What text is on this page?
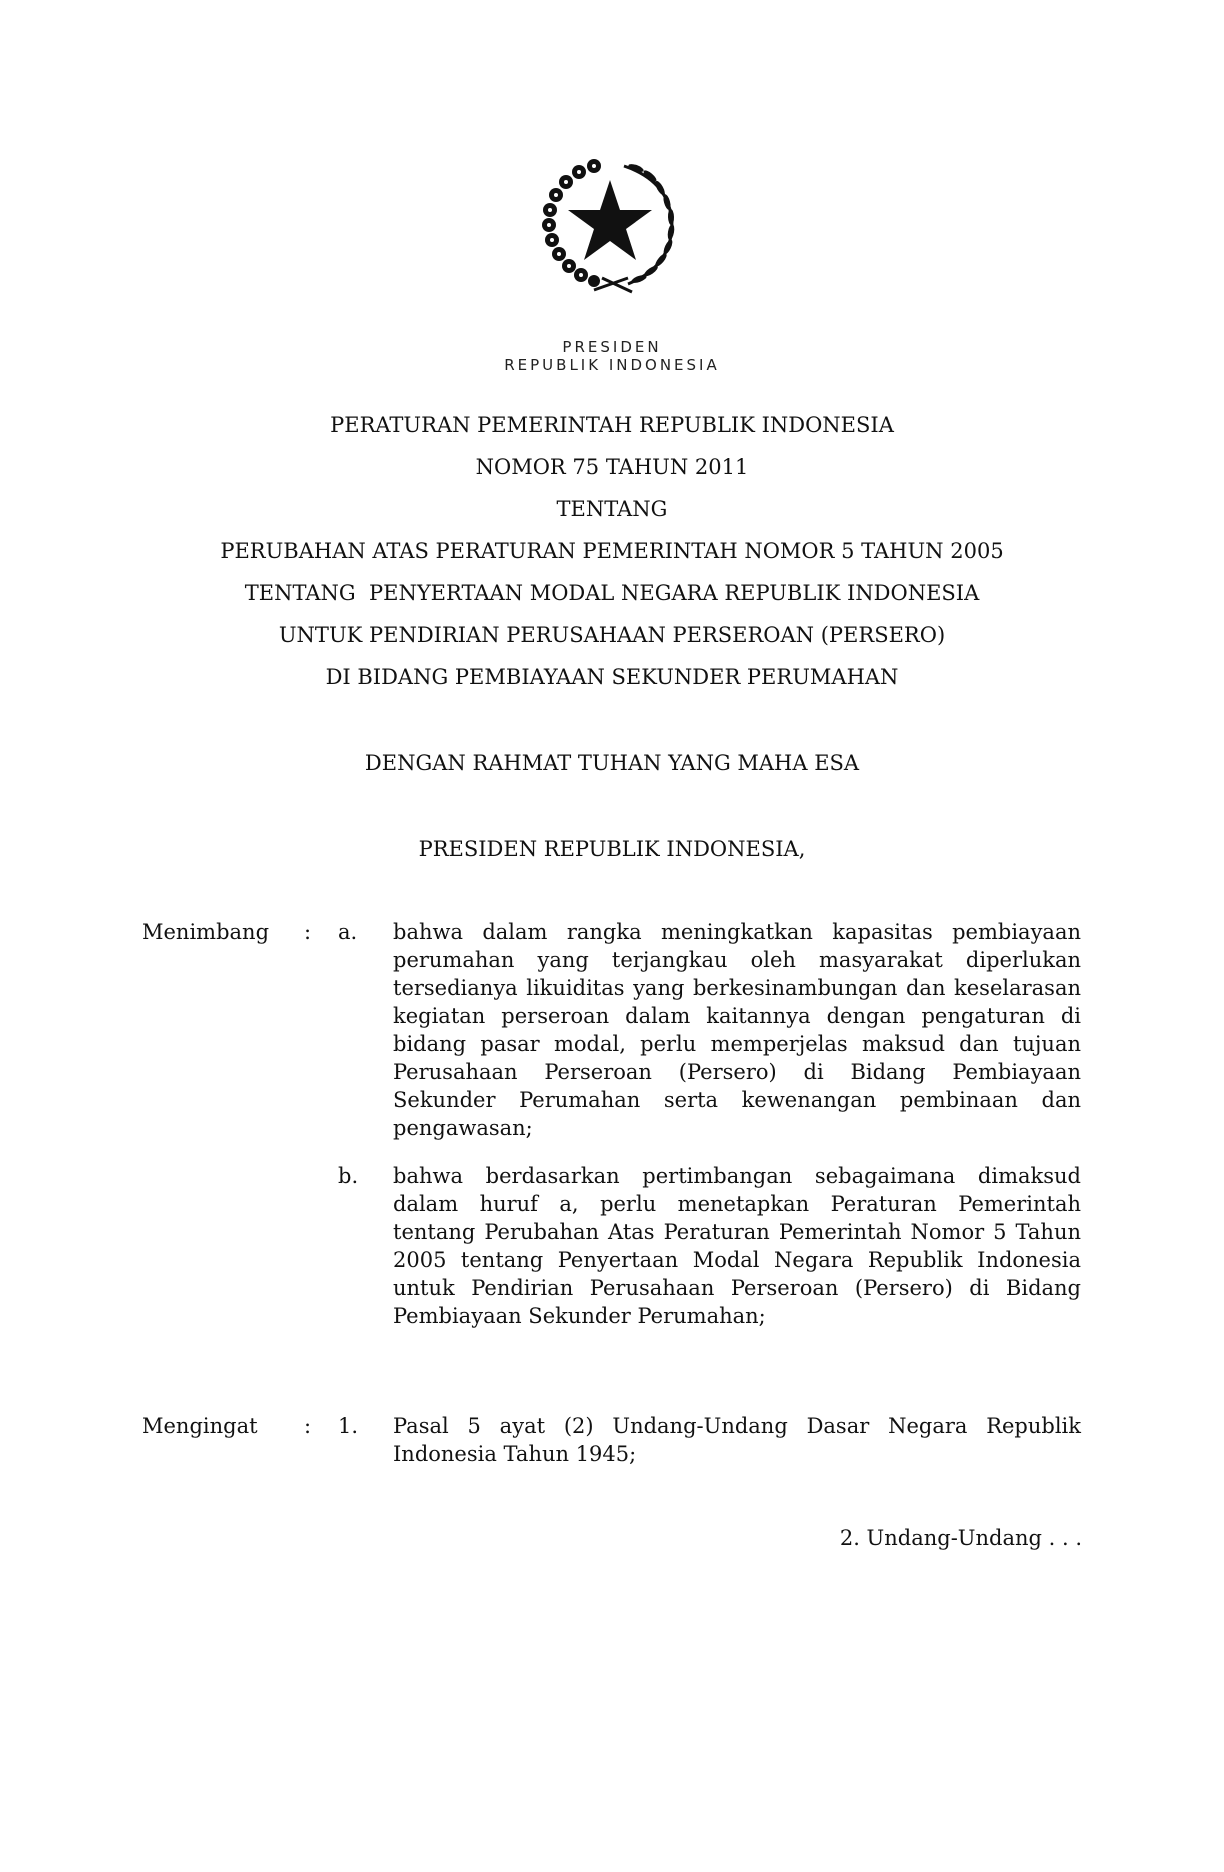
PRESIDEN
REPUBLIK INDONESIA
PERATURAN PEMERINTAH REPUBLIK INDONESIA
NOMOR 75 TAHUN 2011
TENTANG
PERUBAHAN ATAS PERATURAN PEMERINTAH NOMOR 5 TAHUN 2005
TENTANG  PENYERTAAN MODAL NEGARA REPUBLIK INDONESIA
UNTUK PENDIRIAN PERUSAHAAN PERSEROAN (PERSERO)
DI BIDANG PEMBIAYAAN SEKUNDER PERUMAHAN
DENGAN RAHMAT TUHAN YANG MAHA ESA
PRESIDEN REPUBLIK INDONESIA,
Menimbang : a. bahwa dalam rangka meningkatkan kapasitas pembiayaan perumahan yang terjangkau oleh masyarakat diperlukan tersedianya likuiditas yang berkesinambungan dan keselarasan kegiatan perseroan dalam kaitannya dengan pengaturan di bidang pasar modal, perlu memperjelas maksud dan tujuan Perusahaan Perseroan (Persero) di Bidang Pembiayaan Sekunder Perumahan serta kewenangan pembinaan dan pengawasan;
b. bahwa berdasarkan pertimbangan sebagaimana dimaksud dalam huruf a, perlu menetapkan Peraturan Pemerintah tentang Perubahan Atas Peraturan Pemerintah Nomor 5 Tahun 2005 tentang Penyertaan Modal Negara Republik Indonesia untuk Pendirian Perusahaan Perseroan (Persero) di Bidang Pembiayaan Sekunder Perumahan;
Mengingat : 1. Pasal 5 ayat (2) Undang-Undang Dasar Negara Republik Indonesia Tahun 1945;
2. Undang-Undang . . .
